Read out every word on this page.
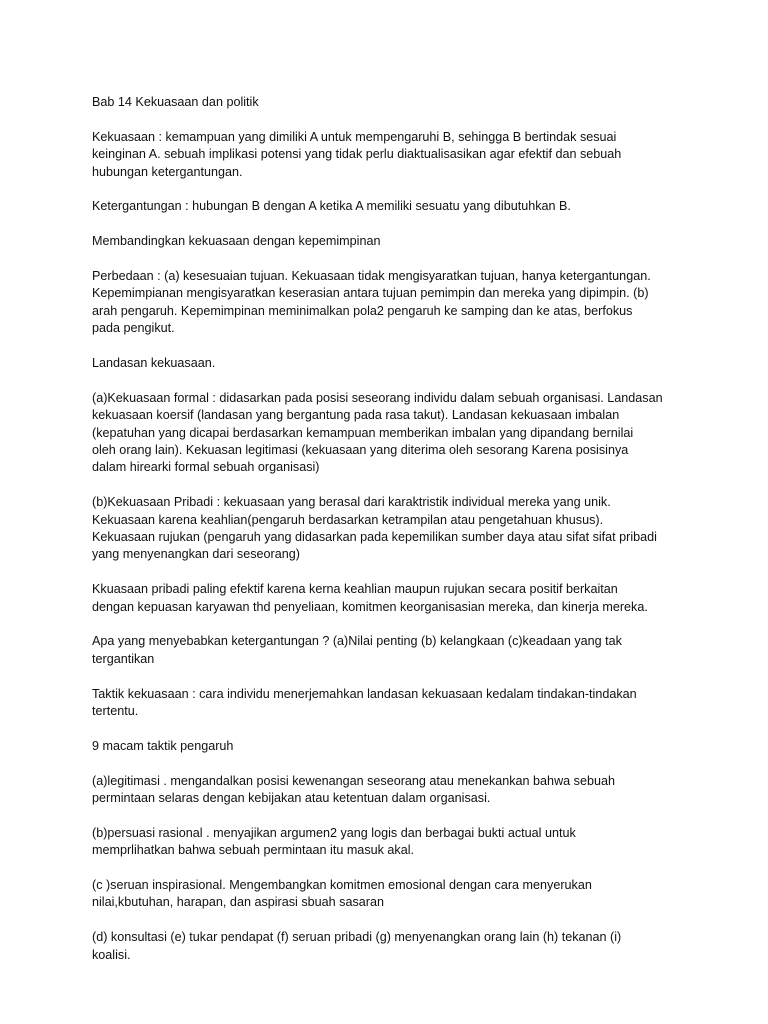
Bab 14 Kekuasaan dan politik

Kekuasaan : kemampuan yang dimiliki A untuk mempengaruhi B, sehingga B bertindak sesuai
keinginan A. sebuah implikasi potensi yang tidak perlu diaktualisasikan agar efektif dan sebuah
hubungan ketergantungan.

Ketergantungan : hubungan B dengan A ketika A memiliki sesuatu yang dibutuhkan B.

Membandingkan kekuasaan dengan kepemimpinan

Perbedaan : (a) kesesuaian tujuan. Kekuasaan tidak mengisyaratkan tujuan, hanya ketergantungan.
Kepemimpianan mengisyaratkan keserasian antara tujuan pemimpin dan mereka yang dipimpin. (b)
arah pengaruh. Kepemimpinan meminimalkan pola2 pengaruh ke samping dan ke atas, berfokus
pada pengikut.

Landasan kekuasaan.

(a)Kekuasaan formal : didasarkan pada posisi seseorang individu dalam sebuah organisasi. Landasan
kekuasaan koersif (landasan yang bergantung pada rasa takut). Landasan kekuasaan imbalan
(kepatuhan yang dicapai berdasarkan kemampuan memberikan imbalan yang dipandang bernilai
oleh orang lain). Kekuasan legitimasi (kekuasaan yang diterima oleh sesorang Karena posisinya
dalam hirearki formal sebuah organisasi)

(b)Kekuasaan Pribadi : kekuasaan yang berasal dari karaktristik individual mereka yang unik.
Kekuasaan karena keahlian(pengaruh berdasarkan ketrampilan atau pengetahuan khusus).
Kekuasaan rujukan (pengaruh yang didasarkan pada kepemilikan sumber daya atau sifat sifat pribadi
yang menyenangkan dari seseorang)

Kkuasaan pribadi paling efektif karena kerna keahlian maupun rujukan secara positif berkaitan
dengan kepuasan karyawan thd penyeliaan, komitmen keorganisasian mereka, dan kinerja mereka.

Apa yang menyebabkan ketergantungan ? (a)Nilai penting (b) kelangkaan (c)keadaan yang tak
tergantikan

Taktik kekuasaan : cara individu menerjemahkan landasan kekuasaan kedalam tindakan-tindakan
tertentu.

9 macam taktik pengaruh

(a)legitimasi . mengandalkan posisi kewenangan seseorang atau menekankan bahwa sebuah
permintaan selaras dengan kebijakan atau ketentuan dalam organisasi.

(b)persuasi rasional . menyajikan argumen2 yang logis dan berbagai bukti actual untuk
memprlihatkan bahwa sebuah permintaan itu masuk akal.

(c )seruan inspirasional. Mengembangkan komitmen emosional dengan cara menyerukan
nilai,kbutuhan, harapan, dan aspirasi sbuah sasaran

(d) konsultasi (e) tukar pendapat (f) seruan pribadi (g) menyenangkan orang lain (h) tekanan (i)
koalisi.
